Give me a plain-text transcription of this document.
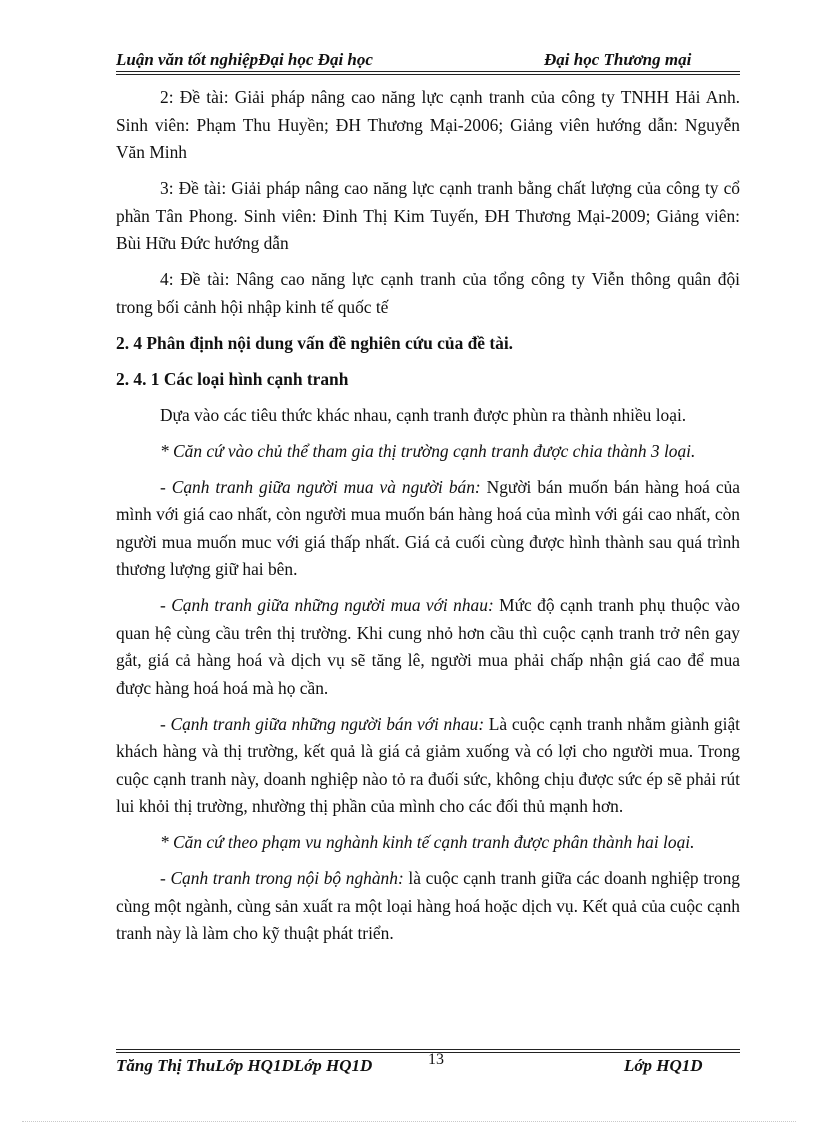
Luận văn tốt nghiệpĐại học Đại học	Đại học Thương mại

2: Đề tài: Giải pháp nâng cao năng lực cạnh tranh của công ty TNHH Hải Anh. Sinh viên: Phạm Thu Huyền; ĐH Thương Mại-2006; Giảng viên hướng dẫn: Nguyễn Văn Minh

3: Đề tài: Giải pháp nâng cao năng lực cạnh tranh bằng chất lượng của công ty cổ phần Tân Phong. Sinh viên: Đinh Thị Kim Tuyến, ĐH Thương Mại-2009; Giảng viên: Bùi Hữu Đức hướng dẫn

4: Đề tài: Nâng cao năng lực cạnh tranh của tổng công ty Viễn thông quân đội trong bối cảnh hội nhập kinh tế quốc tế

2. 4 Phân định nội dung vấn đề nghiên cứu của đề tài.

2. 4. 1 Các loại hình cạnh tranh

Dựa vào các tiêu thức khác nhau, cạnh tranh được phùn ra thành nhiều loại.

* Căn cứ vào chủ thể tham gia thị trường cạnh tranh được chia thành 3 loại.

- Cạnh tranh giữa người mua và người bán: Người bán muốn bán hàng hoá của mình với giá cao nhất, còn người mua muốn bán hàng hoá của mình với gái cao nhất, còn người mua muốn muc với giá thấp nhất. Giá cả cuối cùng được hình thành sau quá trình thương lượng giữ hai bên.

- Cạnh tranh giữa những người mua với nhau: Mức độ cạnh tranh phụ thuộc vào quan hệ cùng cầu trên thị trường. Khi cung nhỏ hơn cầu thì cuộc cạnh tranh trở nên gay gắt, giá cả hàng hoá và dịch vụ sẽ tăng lê, người mua phải chấp nhận giá cao để mua được hàng hoá hoá mà họ cần.

- Cạnh tranh giữa những người bán với nhau: Là cuộc cạnh tranh nhằm giành giật khách hàng và thị trường, kết quả là giá cả giảm xuống và có lợi cho người mua. Trong cuộc cạnh tranh này, doanh nghiệp nào tỏ ra đuối sức, không chịu được sức ép sẽ phải rút lui khỏi thị trường, nhường thị phần của mình cho các đối thủ mạnh hơn.

* Căn cứ theo phạm vu nghành kinh tế cạnh tranh được phân thành hai loại.

- Cạnh tranh trong nội bộ nghành: là cuộc cạnh tranh giữa các doanh nghiệp trong cùng một ngành, cùng sản xuất ra một loại hàng hoá hoặc dịch vụ. Kết quả của cuộc cạnh tranh này là làm cho kỹ thuật phát triển.

Tăng Thị ThuLớp HQ1DLớp HQ1D	13	Lớp HQ1D
